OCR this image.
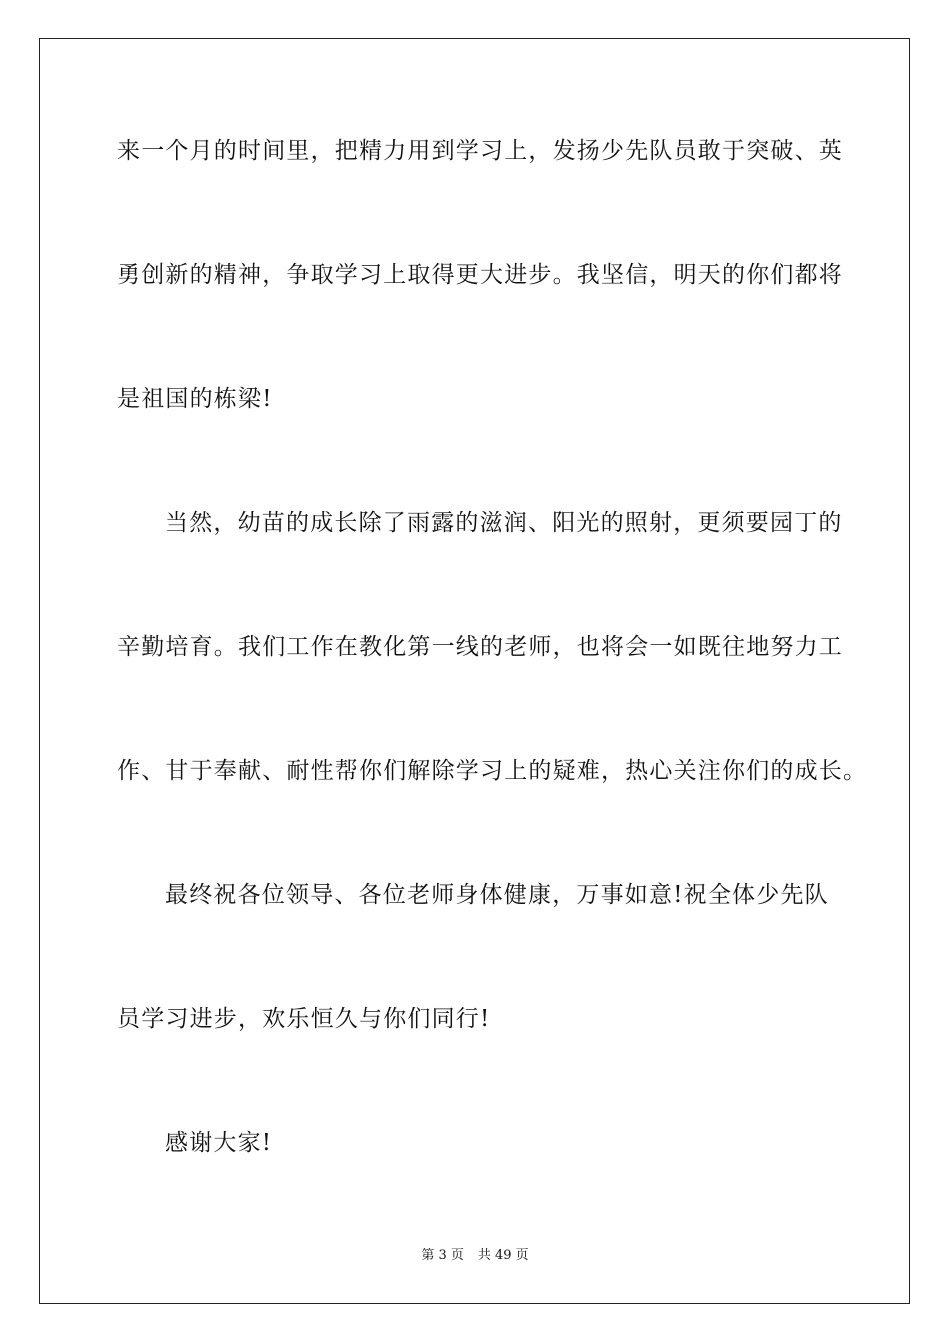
来一个月的时间里，把精力用到学习上，发扬少先队员敢于突破、英
勇创新的精神，争取学习上取得更大进步。我坚信，明天的你们都将
是祖国的栋梁!
当然，幼苗的成长除了雨露的滋润、阳光的照射，更须要园丁的
辛勤培育。我们工作在教化第一线的老师，也将会一如既往地努力工
作、甘于奉献、耐性帮你们解除学习上的疑难，热心关注你们的成长。
最终祝各位领导、各位老师身体健康，万事如意!祝全体少先队
员学习进步，欢乐恒久与你们同行!
感谢大家!
第 3 页 共 49 页
